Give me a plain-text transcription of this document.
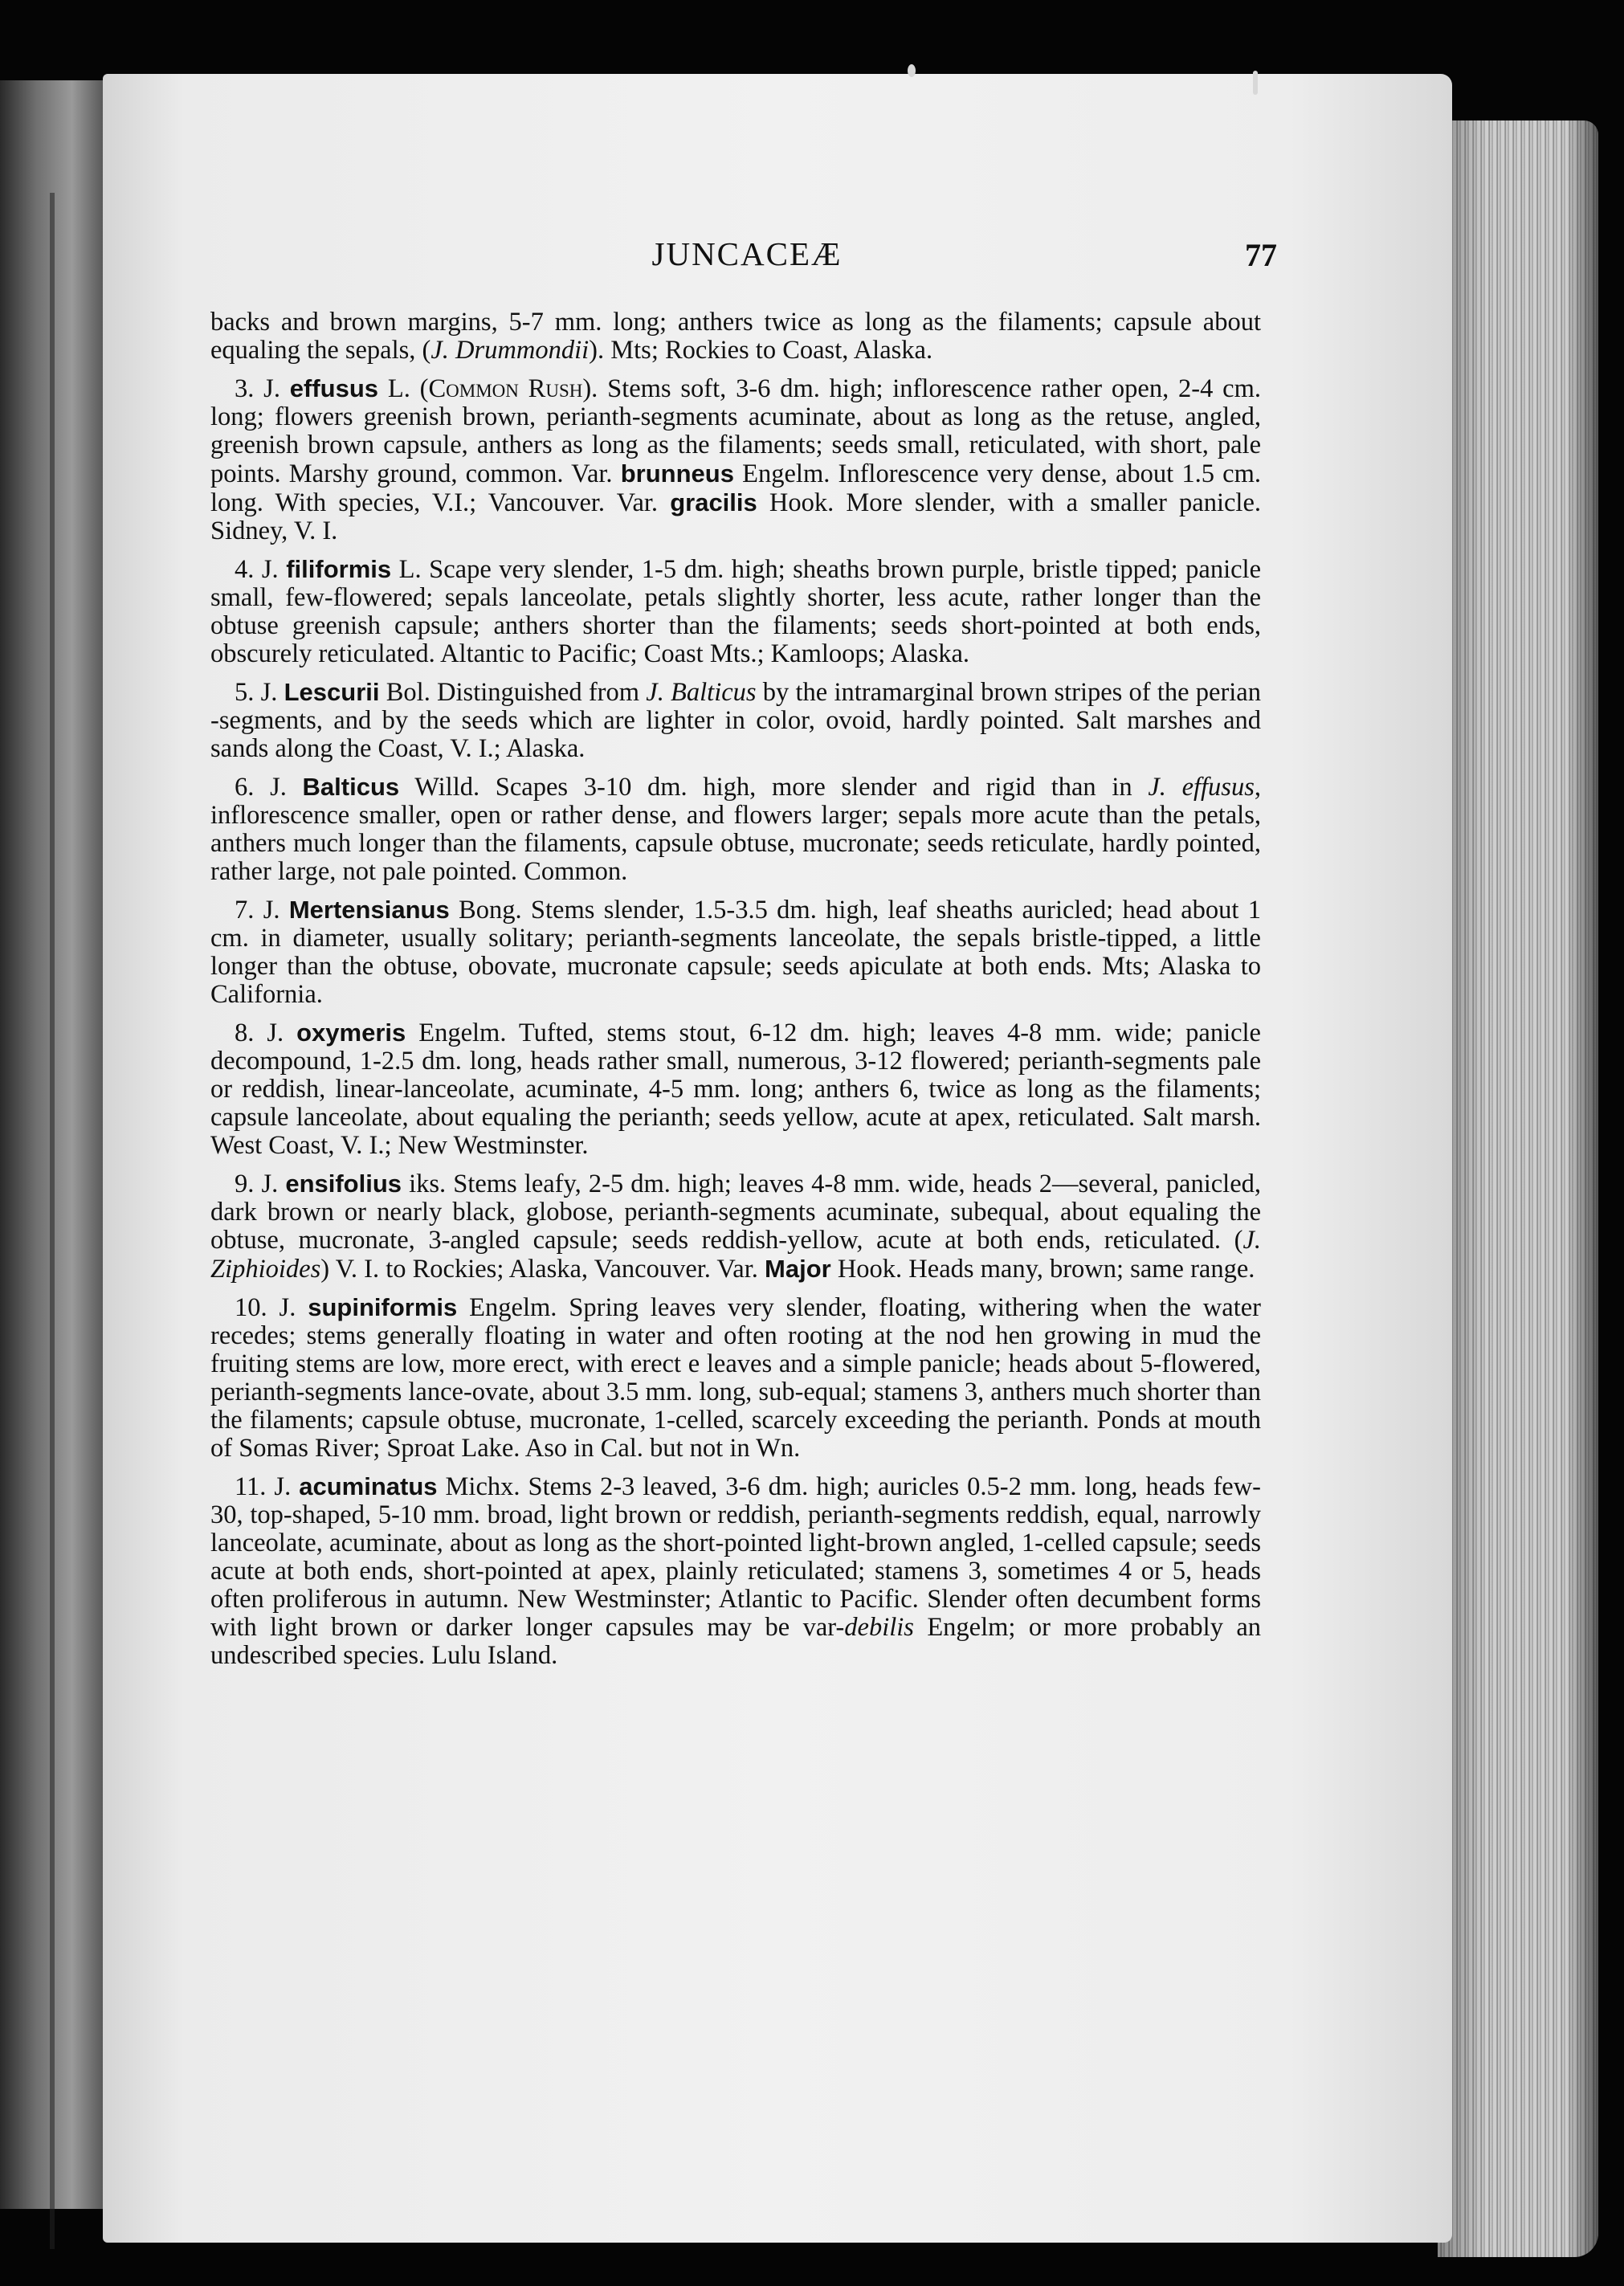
JUNCACEÆ	77

backs and brown margins, 5-7 mm. long; anthers twice as long as the filaments; capsule about equaling the sepals, (J. Drummondii). Mts; Rockies to Coast, Alaska.

3. J. effusus L. (Common Rush). Stems soft, 3-6 dm. high; inflorescence rather open, 2-4 cm. long; flowers greenish brown, perianth-segments acuminate, about as long as the retuse, angled, greenish brown capsule, anthers as long as the filaments; seeds small, reticulated, with short, pale points. Marshy ground, common. Var. brunneus Engelm. Inflorescence very dense, about 1.5 cm. long. With species, V.I.; Vancouver. Var. gracilis Hook. More slender, with a smaller panicle. Sidney, V. I.

4. J. filiformis L. Scape very slender, 1-5 dm. high; sheaths brown purple, bristle tipped; panicle small, few-flowered; sepals lanceolate, petals slightly shorter, less acute, rather longer than the obtuse greenish capsule; anthers shorter than the filaments; seeds short-pointed at both ends, obscurely reticulated. Altantic to Pacific; Coast Mts.; Kamloops; Alaska.

5. J. Lescurii Bol. Distinguished from J. Balticus by the intramarginal brown stripes of the perian -segments, and by the seeds which are lighter in color, ovoid, hardly pointed. Salt marshes and sands along the Coast, V. I.; Alaska.

6. J. Balticus Willd. Scapes 3-10 dm. high, more slender and rigid than in J. effusus, inflorescence smaller, open or rather dense, and flowers larger; sepals more acute than the petals, anthers much longer than the filaments, capsule obtuse, mucronate; seeds reticulate, hardly pointed, rather large, not pale pointed. Common.

7. J. Mertensianus Bong. Stems slender, 1.5-3.5 dm. high, leaf sheaths auricled; head about 1 cm. in diameter, usually solitary; perianth-segments lanceolate, the sepals bristle-tipped, a little longer than the obtuse, obovate, mucronate capsule; seeds apiculate at both ends. Mts; Alaska to California.

8. J. oxymeris Engelm. Tufted, stems stout, 6-12 dm. high; leaves 4-8 mm. wide; panicle decompound, 1-2.5 dm. long, heads rather small, numerous, 3-12 flowered; perianth-segments pale or reddish, linear-lanceolate, acuminate, 4-5 mm. long; anthers 6, twice as long as the filaments; capsule lanceolate, about equaling the perianth; seeds yellow, acute at apex, reticulated. Salt marsh. West Coast, V. I.; New Westminster.

9. J. ensifolius iks. Stems leafy, 2-5 dm. high; leaves 4-8 mm. wide, heads 2—several, panicled, dark brown or nearly black, globose, perianth-segments acuminate, subequal, about equaling the obtuse, mucronate, 3-angled capsule; seeds reddish-yellow, acute at both ends, reticulated. (J. Ziphioides) V. I. to Rockies; Alaska, Vancouver. Var. Major Hook. Heads many, brown; same range.

10. J. supiniformis Engelm. Spring leaves very slender, floating, withering when the water recedes; stems generally floating in water and often rooting at the nod hen growing in mud the fruiting stems are low, more erect, with erect e leaves and a simple panicle; heads about 5-flowered, perianth-segments lance-ovate, about 3.5 mm. long, sub-equal; stamens 3, anthers much shorter than the filaments; capsule obtuse, mucronate, 1-celled, scarcely exceeding the perianth. Ponds at mouth of Somas River; Sproat Lake. Aso in Cal. but not in Wn.

11. J. acuminatus Michx. Stems 2-3 leaved, 3-6 dm. high; auricles 0.5-2 mm. long, heads few-30, top-shaped, 5-10 mm. broad, light brown or reddish, perianth-segments reddish, equal, narrowly lanceolate, acuminate, about as long as the short-pointed light-brown angled, 1-celled capsule; seeds acute at both ends, short-pointed at apex, plainly reticulated; stamens 3, sometimes 4 or 5, heads often proliferous in autumn. New Westminster; Atlantic to Pacific. Slender often decumbent forms with light brown or darker longer capsules may be var-debilis Engelm; or more probably an undescribed species. Lulu Island.
